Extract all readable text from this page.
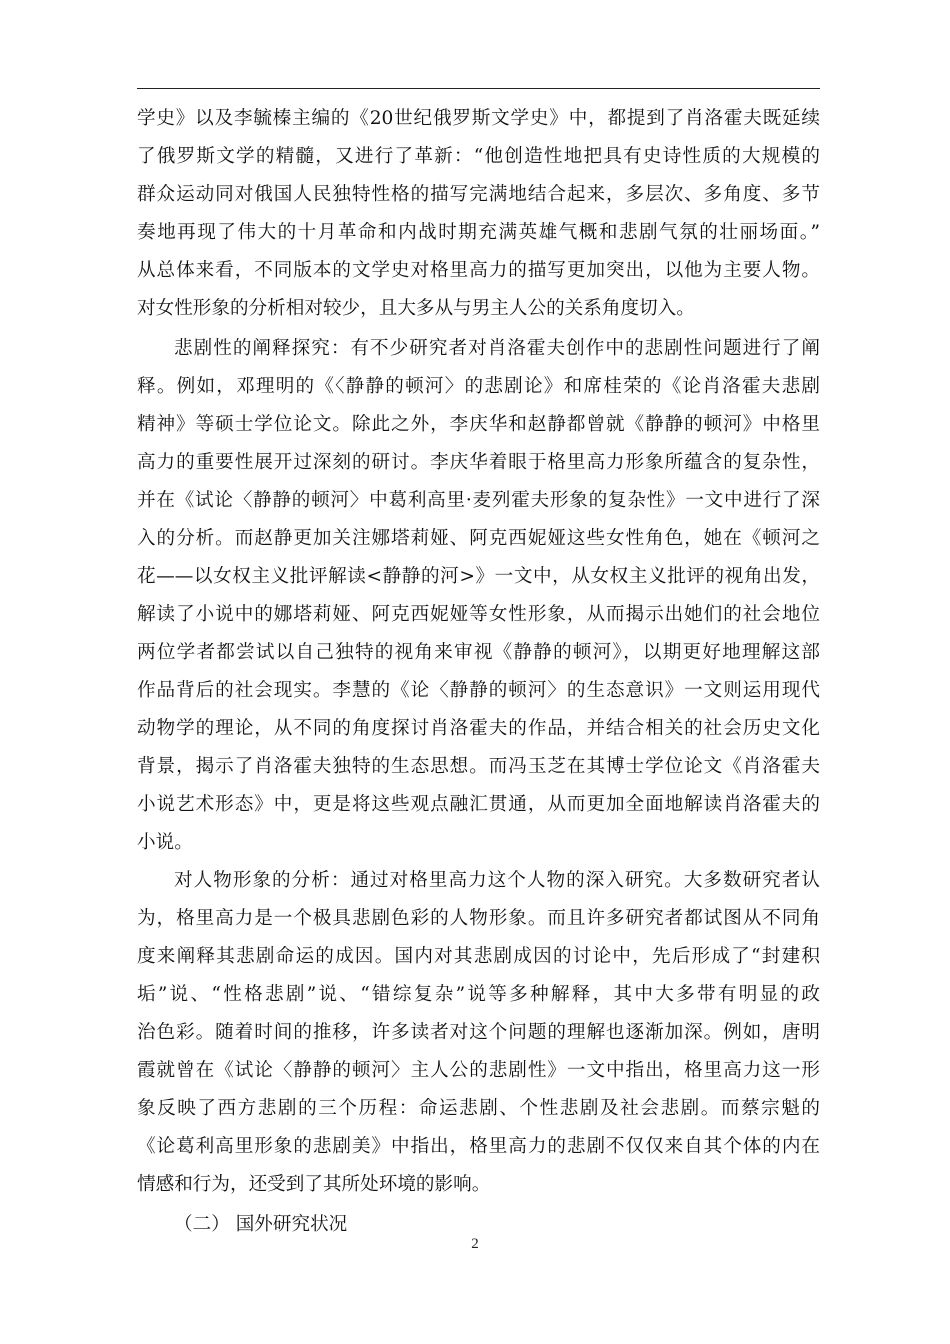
学史》以及李毓榛主编的《20世纪俄罗斯文学史》中，都提到了肖洛霍夫既延续
了俄罗斯文学的精髓，又进行了革新：“他创造性地把具有史诗性质的大规模的
群众运动同对俄国人民独特性格的描写完满地结合起来，多层次、多角度、多节
奏地再现了伟大的十月革命和内战时期充满英雄气概和悲剧气氛的壮丽场面。”
从总体来看，不同版本的文学史对格里高力的描写更加突出，以他为主要人物。
对女性形象的分析相对较少，且大多从与男主人公的关系角度切入。
悲剧性的阐释探究：有不少研究者对肖洛霍夫创作中的悲剧性问题进行了阐
释。例如，邓理明的《〈静静的顿河〉的悲剧论》和席桂荣的《论肖洛霍夫悲剧
精神》等硕士学位论文。除此之外，李庆华和赵静都曾就《静静的顿河》中格里
高力的重要性展开过深刻的研讨。李庆华着眼于格里高力形象所蕴含的复杂性，
并在《试论〈静静的顿河〉中葛利高里·麦列霍夫形象的复杂性》一文中进行了深
入的分析。而赵静更加关注娜塔莉娅、阿克西妮娅这些女性角色，她在《顿河之
花——以女权主义批评解读<静静的河>》一文中，从女权主义批评的视角出发，
解读了小说中的娜塔莉娅、阿克西妮娅等女性形象，从而揭示出她们的社会地位
两位学者都尝试以自己独特的视角来审视《静静的顿河》，以期更好地理解这部
作品背后的社会现实。李慧的《论〈静静的顿河〉的生态意识》一文则运用现代
动物学的理论，从不同的角度探讨肖洛霍夫的作品，并结合相关的社会历史文化
背景，揭示了肖洛霍夫独特的生态思想。而冯玉芝在其博士学位论文《肖洛霍夫
小说艺术形态》中，更是将这些观点融汇贯通，从而更加全面地解读肖洛霍夫的
小说。
对人物形象的分析：通过对格里高力这个人物的深入研究。大多数研究者认
为，格里高力是一个极具悲剧色彩的人物形象。而且许多研究者都试图从不同角
度来阐释其悲剧命运的成因。国内对其悲剧成因的讨论中，先后形成了“封建积
垢”说、“性格悲剧”说、“错综复杂”说等多种解释，其中大多带有明显的政
治色彩。随着时间的推移，许多读者对这个问题的理解也逐渐加深。例如，唐明
霞就曾在《试论〈静静的顿河〉主人公的悲剧性》一文中指出，格里高力这一形
象反映了西方悲剧的三个历程：命运悲剧、个性悲剧及社会悲剧。而蔡宗魁的
《论葛利高里形象的悲剧美》中指出，格里高力的悲剧不仅仅来自其个体的内在
情感和行为，还受到了其所处环境的影响。
（二） 国外研究状况
2
